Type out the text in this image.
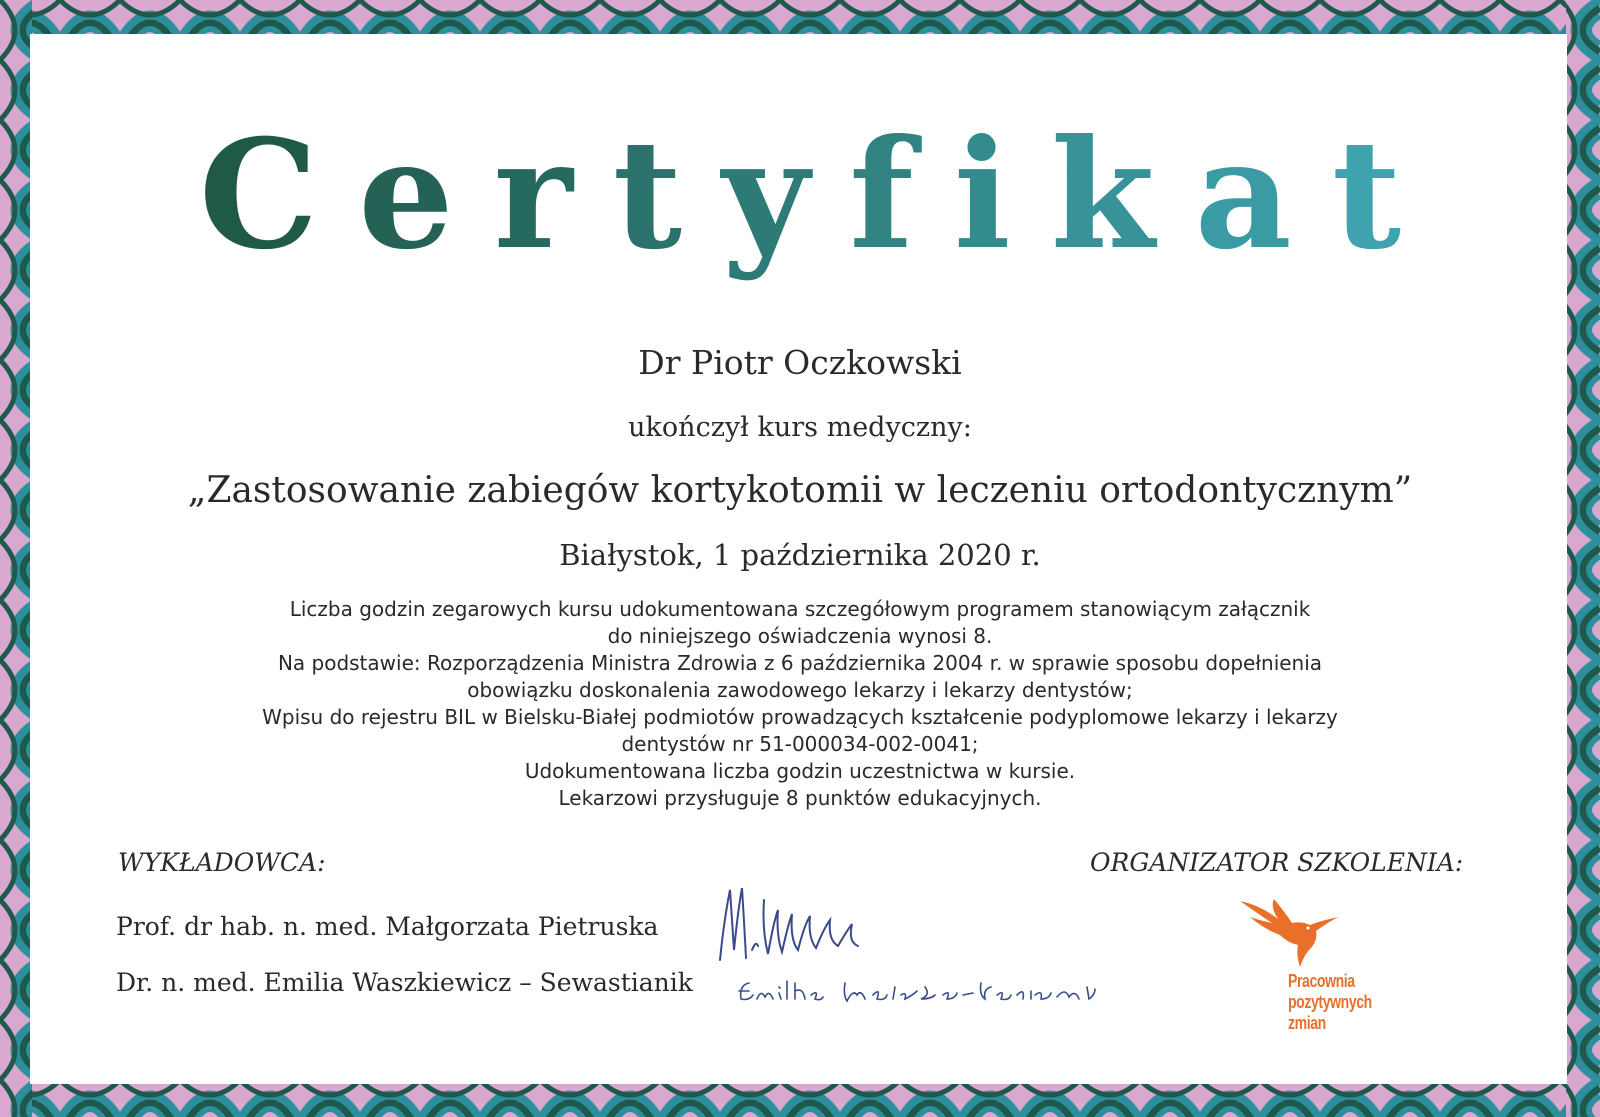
Certyfikat

Dr Piotr Oczkowski

ukończył kurs medyczny:

„Zastosowanie zabiegów kortykotomii w leczeniu ortodontycznym”

Białystok, 1 października 2020 r.

Liczba godzin zegarowych kursu udokumentowana szczegółowym programem stanowiącym załącznik
do niniejszego oświadczenia wynosi 8.
Na podstawie: Rozporządzenia Ministra Zdrowia z 6 października 2004 r. w sprawie sposobu dopełnienia
obowiązku doskonalenia zawodowego lekarzy i lekarzy dentystów;
Wpisu do rejestru BIL w Bielsku-Białej podmiotów prowadzących kształcenie podyplomowe lekarzy i lekarzy
dentystów nr 51-000034-002-0041;
Udokumentowana liczba godzin uczestnictwa w kursie.
Lekarzowi przysługuje 8 punktów edukacyjnych.

WYKŁADOWCA:	ORGANIZATOR SZKOLENIA:

Prof. dr hab. n. med. Małgorzata Pietruska

Dr. n. med. Emilia Waszkiewicz – Sewastianik	Pracownia
pozytywnych
zmian
